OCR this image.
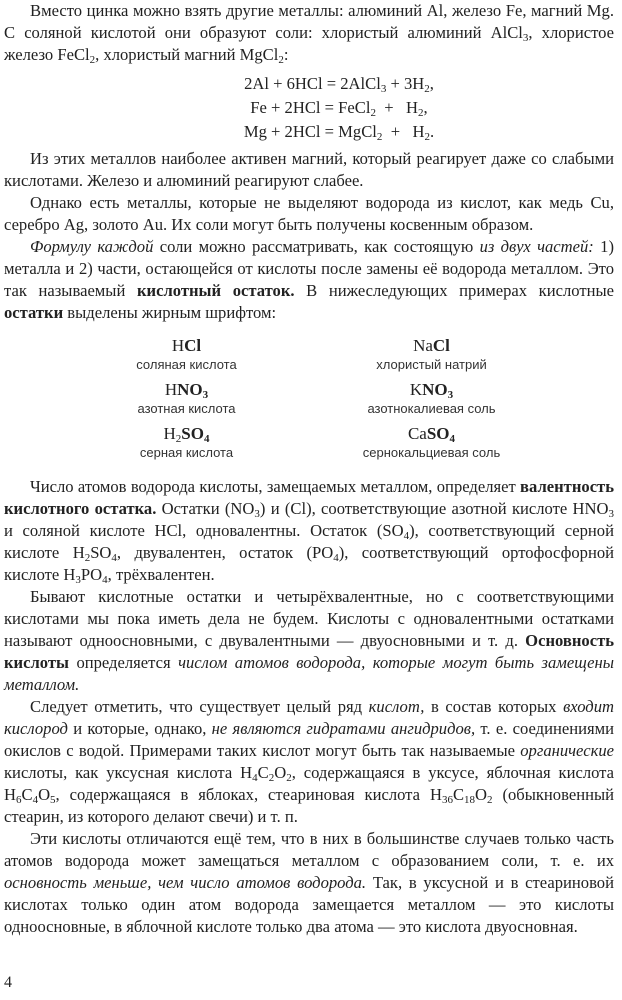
Вместо цинка можно взять другие металлы: алюминий Al, железо Fe, магний Mg. С соляной кислотой они образуют соли: хлористый алюминий AlCl$_3$, хлористое железо FeCl$_2$, хлористый магний MgCl$_2$:

2Al + 6HCl = 2AlCl$_3$ + $3H_2$,
Fe + 2HCl = FeCl$_2$  +   $H_2$,
Mg + 2HCl = MgCl$_2$  +   $H_2$.

Из этих металлов наиболее активен магний, который реагирует даже со слабыми кислотами. Железо и алюминий реагируют слабее.

Однако есть металлы, которые не выделяют водорода из кислот, как медь Cu, серебро Ag, золото Au. Их соли могут быть получены косвенным образом.

Формулу каждой соли можно рассматривать, как состоящую из двух частей: 1) металла и 2) части, остающейся от кислоты после замены её водорода металлом. Это так называемый кислотный остаток. В нижеследующих примерах кислотные остатки выделены жирным шрифтом:

HCl
соляная кислота
NaCl
хлористый натрий
$HNO_3$
азотная кислота
$KNO_3$
азотнокалиевая соль
$H_2SO_4$
серная кислота
CaSO$_4$
сернокальциевая соль

Число атомов водорода кислоты, замещаемых металлом, определяет валентность кислотного остатка. Остатки $(NO_3)$ и (Cl), соответствующие азотной кислоте $HNO_3$ и соляной кислоте HCl, одновалентны. Остаток $(SO_4)$, соответствующий серной кислоте $H_2SO_4$, двувалентен, остаток $(PO_4)$, соответствующий ортофосфорной кислоте $H_3PO_4$, трёхвалентен.

Бывают кислотные остатки и четырёхвалентные, но с соответствующими кислотами мы пока иметь дела не будем. Кислоты с одновалентными остатками называют одноосновными, с двувалентными — двуосновными и т. д. Основность кислоты определяется числом атомов водорода, которые могут быть замещены металлом.

Следует отметить, что существует целый ряд кислот, в состав которых входит кислород и которые, однако, не являются гидратами ангидридов, т. е. соединениями окислов с водой. Примерами таких кислот могут быть так называемые органические кислоты, как уксусная кислота $H_4C_2O_2$, содержащаяся в уксусе, яблочная кислота $H_6C_4O_5$, содержащаяся в яблоках, стеариновая кислота $H_{36}C_{18}O_2$ (обыкновенный стеарин, из которого делают свечи) и т. п.

Эти кислоты отличаются ещё тем, что в них в большинстве случаев только часть атомов водорода может замещаться металлом с образованием соли, т. е. их основность меньше, чем число атомов водорода. Так, в уксусной и в стеариновой кислотах только один атом водорода замещается металлом — это кислоты одноосновные, в яблочной кислоте только два атома — это кислота двуосновная.

4
